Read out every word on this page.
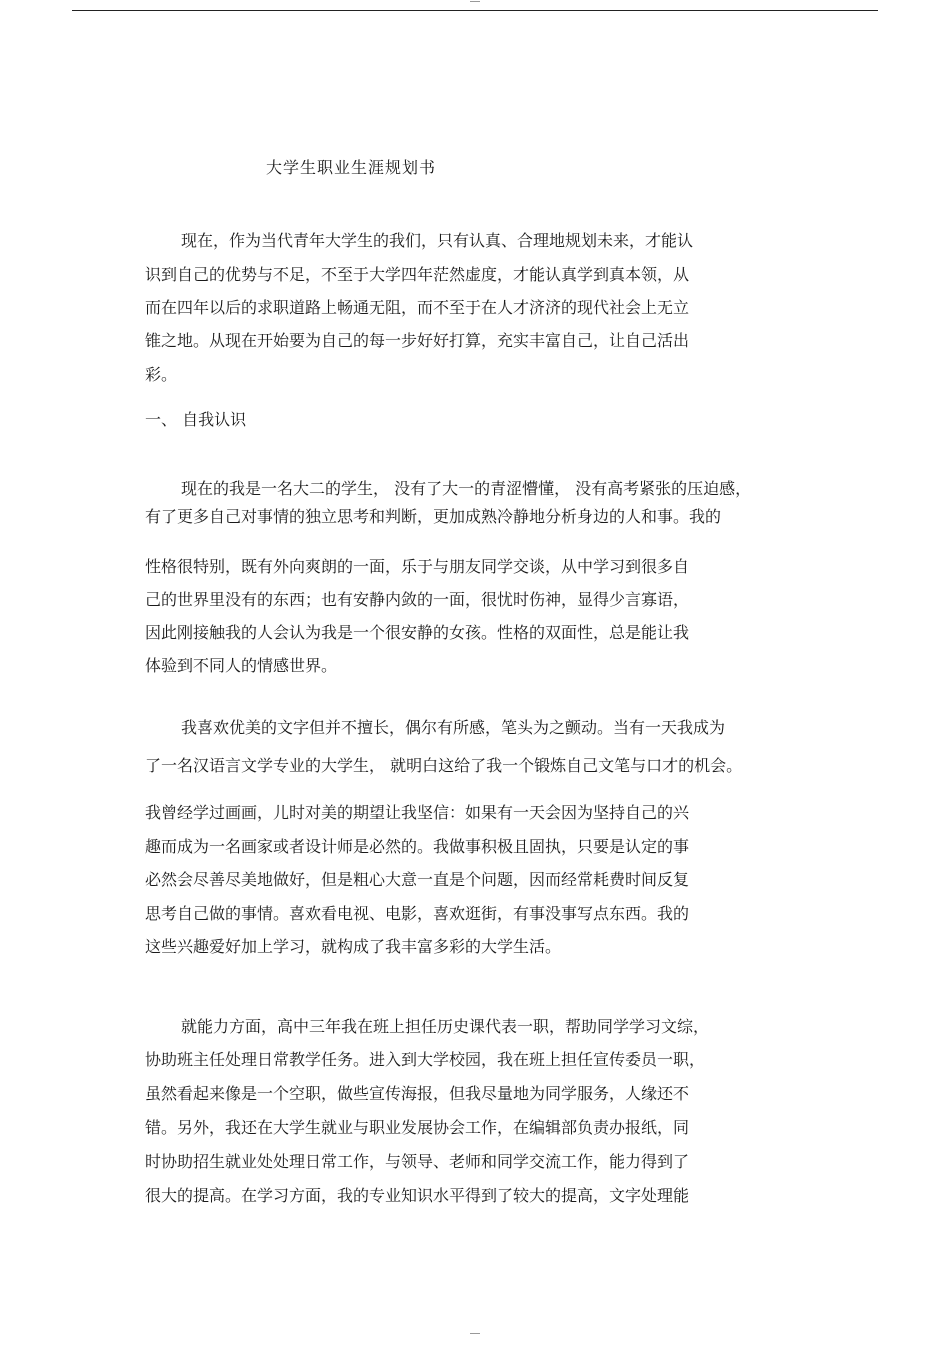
大学生职业生涯规划书
现在，作为当代青年大学生的我们，只有认真、合理地规划未来，才能认
识到自己的优势与不足，不至于大学四年茫然虚度，才能认真学到真本领，从
而在四年以后的求职道路上畅通无阻，而不至于在人才济济的现代社会上无立
锥之地。从现在开始要为自己的每一步好好打算，充实丰富自己，让自己活出
彩。
一、 自我认识
现在的我是一名大二的学生， 没有了大一的青涩懵懂， 没有高考紧张的压迫感，
有了更多自己对事情的独立思考和判断，更加成熟冷静地分析身边的人和事。我的
性格很特别，既有外向爽朗的一面，乐于与朋友同学交谈，从中学习到很多自
己的世界里没有的东西；也有安静内敛的一面，很忧时伤神，显得少言寡语，
因此刚接触我的人会认为我是一个很安静的女孩。性格的双面性，总是能让我
体验到不同人的情感世界。
我喜欢优美的文字但并不擅长，偶尔有所感，笔头为之颤动。当有一天我成为
了一名汉语言文学专业的大学生， 就明白这给了我一个锻炼自己文笔与口才的机会。
我曾经学过画画，儿时对美的期望让我坚信：如果有一天会因为坚持自己的兴
趣而成为一名画家或者设计师是必然的。我做事积极且固执，只要是认定的事
必然会尽善尽美地做好，但是粗心大意一直是个问题，因而经常耗费时间反复
思考自己做的事情。喜欢看电视、电影，喜欢逛街，有事没事写点东西。我的
这些兴趣爱好加上学习，就构成了我丰富多彩的大学生活。
就能力方面，高中三年我在班上担任历史课代表一职，帮助同学学习文综，
协助班主任处理日常教学任务。进入到大学校园，我在班上担任宣传委员一职，
虽然看起来像是一个空职，做些宣传海报，但我尽量地为同学服务，人缘还不
错。另外，我还在大学生就业与职业发展协会工作，在编辑部负责办报纸，同
时协助招生就业处处理日常工作，与领导、老师和同学交流工作，能力得到了
很大的提高。在学习方面，我的专业知识水平得到了较大的提高，文字处理能
